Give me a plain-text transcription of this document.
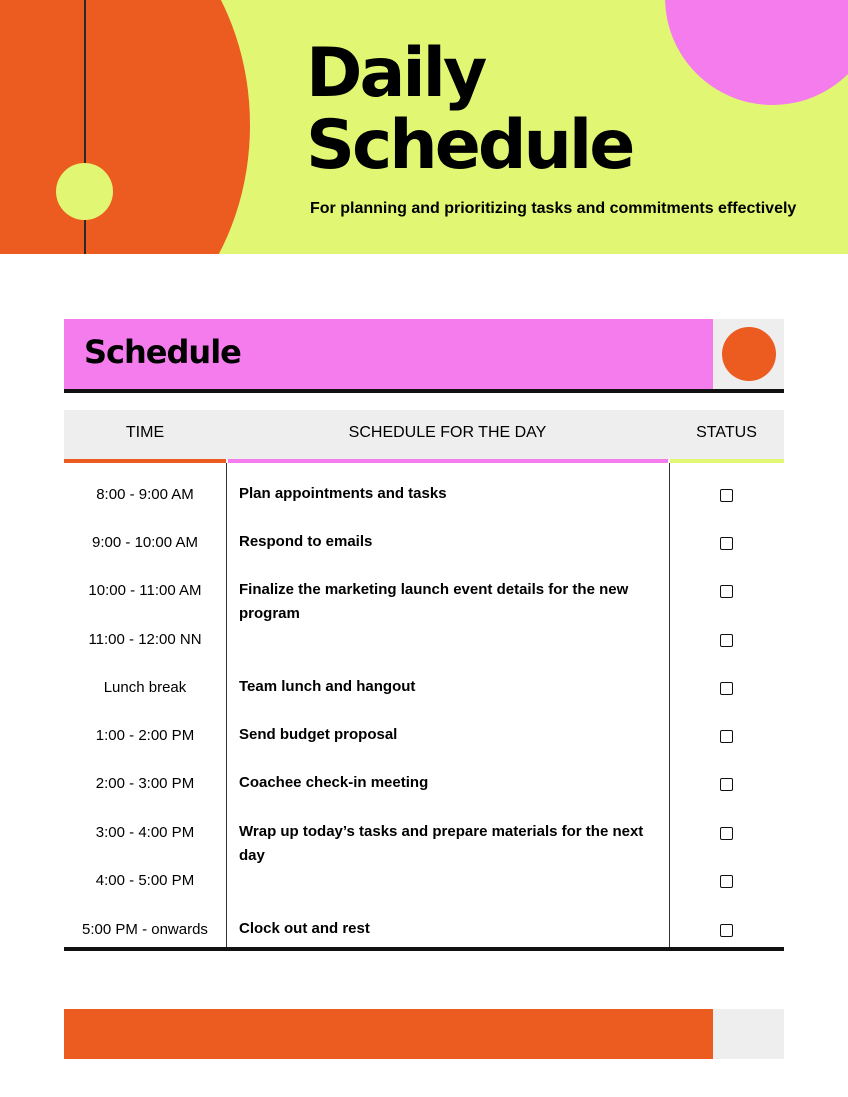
Daily
Schedule

For planning and prioritizing tasks and commitments effectively

Schedule
TIME	SCHEDULE FOR THE DAY	STATUS
8:00 - 9:00 AM	Plan appointments and tasks
9:00 - 10:00 AM	Respond to emails
10:00 - 11:00 AM	Finalize the marketing launch event details for the new program
11:00 - 12:00 NN
Lunch break	Team lunch and hangout
1:00 - 2:00 PM	Send budget proposal
2:00 - 3:00 PM	Coachee check-in meeting
3:00 - 4:00 PM	Wrap up today’s tasks and prepare materials for the next day
4:00 - 5:00 PM
5:00 PM - onwards	Clock out and rest
